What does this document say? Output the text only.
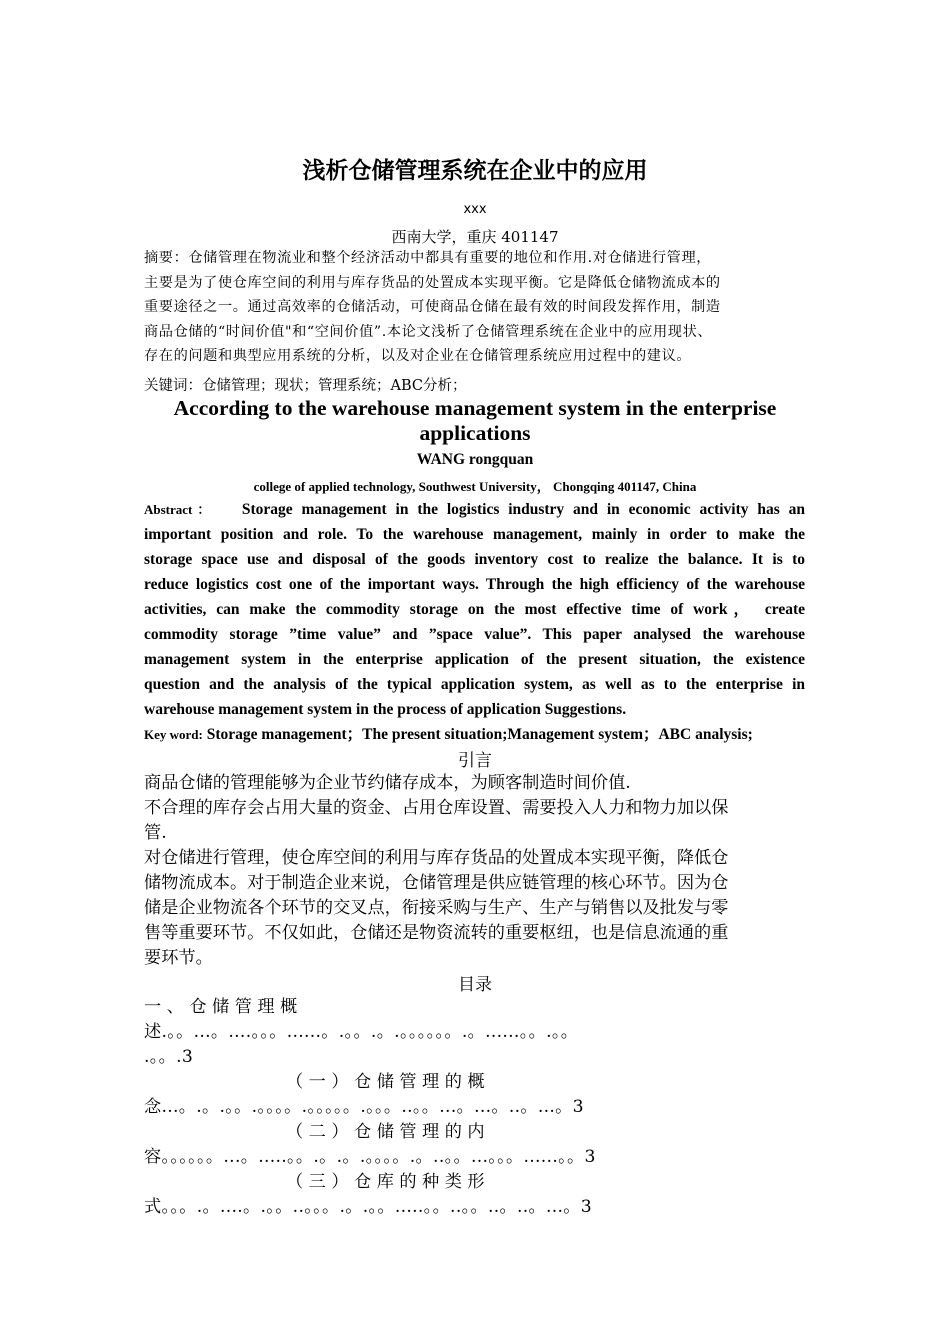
浅析仓储管理系统在企业中的应用
xxx
西南大学，重庆 401147
摘要：仓储管理在物流业和整个经济活动中都具有重要的地位和作用.对仓储进行管理，
主要是为了使仓库空间的利用与库存货品的处置成本实现平衡。它是降低仓储物流成本的
重要途径之一。通过高效率的仓储活动，可使商品仓储在最有效的时间段发挥作用，制造
商品仓储的“时间价值"和“空间价值”.本论文浅析了仓储管理系统在企业中的应用现状、
存在的问题和典型应用系统的分析，以及对企业在仓储管理系统应用过程中的建议。
关键词：仓储管理；现状；管理系统；ABC分析；
According to the warehouse management system in the enterprise
applications
WANG rongquan
college of applied technology, Southwest University， Chongqing 401147, China
Abstract： Storage management in the logistics industry and in economic activity has an
important position and role. To the warehouse management, mainly in order to make the
storage space use and disposal of the goods inventory cost to realize the balance. It is to
reduce logistics cost one of the important ways. Through the high efficiency of the warehouse
activities, can make the commodity storage on the most effective time of work， create
commodity storage ”time value” and ”space value”. This paper analysed the warehouse
management system in the enterprise application of the present situation, the existence
question and the analysis of the typical application system, as well as to the enterprise in
warehouse management system in the process of application Suggestions.
Key word: Storage management；The present situation;Management system；ABC analysis;
引言
商品仓储的管理能够为企业节约储存成本，为顾客制造时间价值.
不合理的库存会占用大量的资金、占用仓库设置、需要投入人力和物力加以保
管.
对仓储进行管理，使仓库空间的利用与库存货品的处置成本实现平衡，降低仓
储物流成本。对于制造企业来说，仓储管理是供应链管理的核心环节。因为仓
储是企业物流各个环节的交叉点，衔接采购与生产、生产与销售以及批发与零
售等重要环节。不仅如此，仓储还是物资流转的重要枢纽，也是信息流通的重
要环节。
目录
一 、 仓 储 管 理 概
述.。。...。....。。。......。.。。.。.。。。。。。.。......。。.。。
.。。.3
（ 一 ） 仓 储 管 理 的 概
念...。.。.。。.。。。。.。。。。。.。。。..。。...。...。..。...。3
（ 二 ） 仓 储 管 理 的 内
容。。。。。。...。.....。。.。.。.。。。。.。..。。...。。。......。。3
（ 三 ） 仓 库 的 种 类 形
式。。。.。....。.。。..。。。.。.。。.....。。..。。..。..。...。3
